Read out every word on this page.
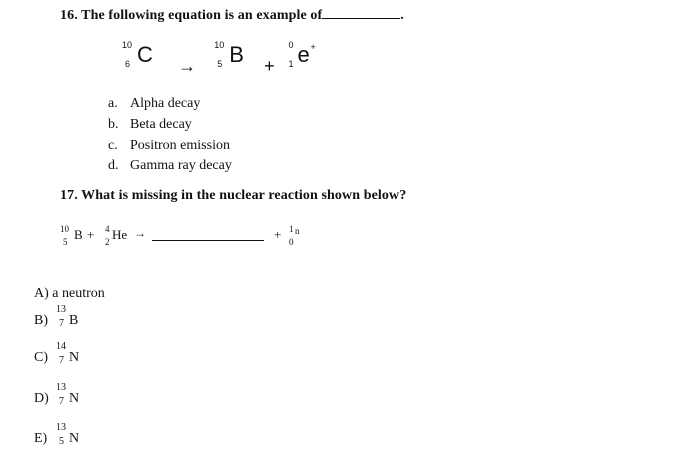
16. The following equation is an example of	.
10
6 C →
10
5 B +
0
1 e +
a. Alpha decay
b. Beta decay
c. Positron emission
d. Gamma ray decay
17. What is missing in the nuclear reaction shown below?
10
5 B + 4
2 He →	+ 1
0
n
A) a neutron
B)
13
7 B
C)
14
7 N
D)
13
7 N
E)
13
5 N
